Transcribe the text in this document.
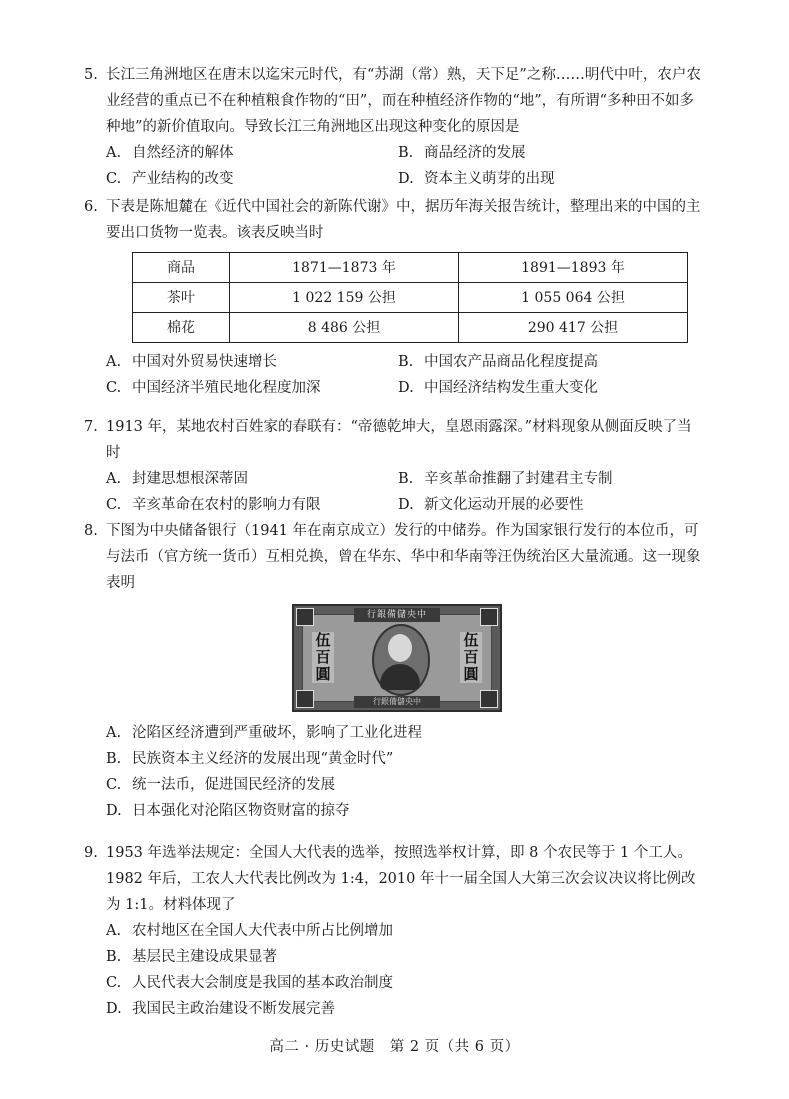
5. 长江三角洲地区在唐末以迄宋元时代，有“苏湖（常）熟，天下足”之称……明代中叶，农户农业经营的重点已不在种植粮食作物的“田”，而在种植经济作物的“地”，有所谓“多种田不如多种地”的新价值取向。导致长江三角洲地区出现这种变化的原因是

A. 自然经济的解体	B. 商品经济的发展
C. 产业结构的改变	D. 资本主义萌芽的出现

6. 下表是陈旭麓在《近代中国社会的新陈代谢》中，据历年海关报告统计，整理出来的中国的主要出口货物一览表。该表反映当时

商品	1871—1873 年	1891—1893 年
茶叶	1 022 159 公担	1 055 064 公担
棉花	8 486 公担	290 417 公担
A. 中国对外贸易快速增长	B. 中国农产品商品化程度提高
C. 中国经济半殖民地化程度加深	D. 中国经济结构发生重大变化

7. 1913 年，某地农村百姓家的春联有：“帝德乾坤大，皇恩雨露深。”材料现象从侧面反映了当时

A. 封建思想根深蒂固	B. 辛亥革命推翻了封建君主专制
C. 辛亥革命在农村的影响力有限	D. 新文化运动开展的必要性

8. 下图为中央储备银行（1941 年在南京成立）发行的中储券。作为国家银行发行的本位币，可与法币（官方统一货币）互相兑换，曾在华东、华中和华南等汪伪统治区大量流通。这一现象表明

行銀備儲央中
伍百圓
伍百圓
行銀備儲央中
A. 沦陷区经济遭到严重破坏，影响了工业化进程
B. 民族资本主义经济的发展出现“黄金时代”
C. 统一法币，促进国民经济的发展
D. 日本强化对沦陷区物资财富的掠夺

9. 1953 年选举法规定：全国人大代表的选举，按照选举权计算，即 8 个农民等于 1 个工人。1982 年后，工农人大代表比例改为 1:4，2010 年十一届全国人大第三次会议决议将比例改为 1:1。材料体现了

A. 农村地区在全国人大代表中所占比例增加
B. 基层民主建设成果显著
C. 人民代表大会制度是我国的基本政治制度
D. 我国民主政治建设不断发展完善
高二 · 历史试题　第 2 页（共 6 页）
